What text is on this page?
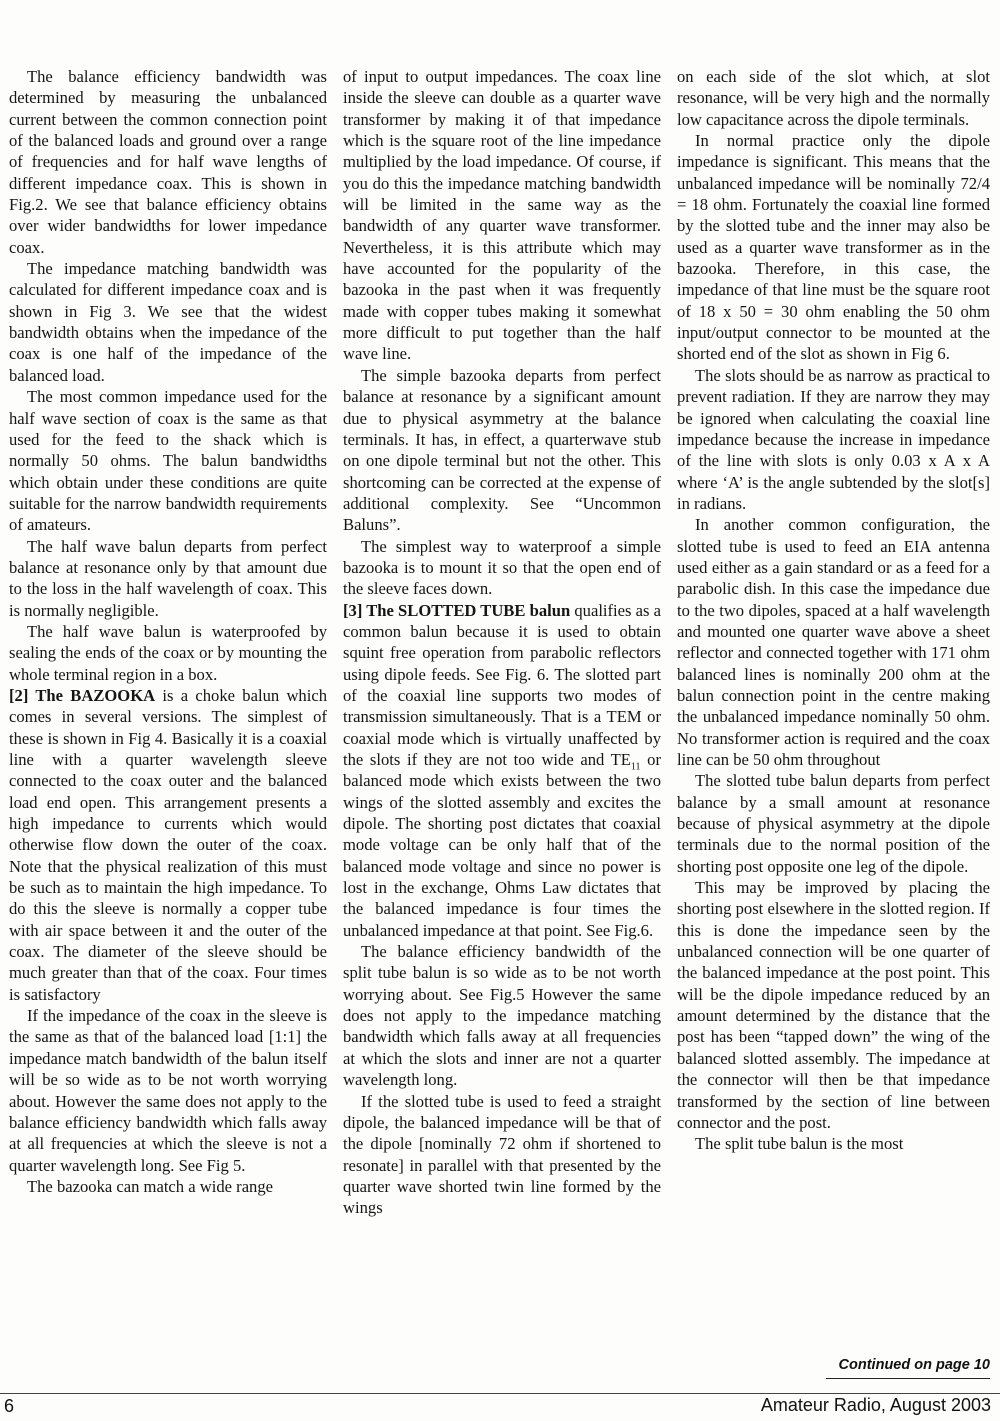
The balance efficiency bandwidth was determined by measuring the unbalanced current between the common connection point of the balanced loads and ground over a range of frequencies and for half wave lengths of different impedance coax. This is shown in Fig.2. We see that balance efficiency obtains over wider bandwidths for lower impedance coax.

The impedance matching bandwidth was calculated for different impedance coax and is shown in Fig 3. We see that the widest bandwidth obtains when the impedance of the coax is one half of the impedance of the balanced load.

The most common impedance used for the half wave section of coax is the same as that used for the feed to the shack which is normally 50 ohms. The balun bandwidths which obtain under these conditions are quite suitable for the narrow bandwidth requirements of amateurs.

The half wave balun departs from perfect balance at resonance only by that amount due to the loss in the half wavelength of coax. This is normally negligible.

The half wave balun is waterproofed by sealing the ends of the coax or by mounting the whole terminal region in a box.

[2] The BAZOOKA is a choke balun which comes in several versions. The simplest of these is shown in Fig 4. Basically it is a coaxial line with a quarter wavelength sleeve connected to the coax outer and the balanced load end open. This arrangement presents a high impedance to currents which would otherwise flow down the outer of the coax. Note that the physical realization of this must be such as to maintain the high impedance. To do this the sleeve is normally a copper tube with air space between it and the outer of the coax. The diameter of the sleeve should be much greater than that of the coax. Four times is satisfactory

If the impedance of the coax in the sleeve is the same as that of the balanced load [1:1] the impedance match bandwidth of the balun itself will be so wide as to be not worth worrying about. However the same does not apply to the balance efficiency bandwidth which falls away at all frequencies at which the sleeve is not a quarter wavelength long. See Fig 5.

The bazooka can match a wide range

of input to output impedances. The coax line inside the sleeve can double as a quarter wave transformer by making it of that impedance which is the square root of the line impedance multiplied by the load impedance. Of course, if you do this the impedance matching bandwidth will be limited in the same way as the bandwidth of any quarter wave transformer. Nevertheless, it is this attribute which may have accounted for the popularity of the bazooka in the past when it was frequently made with copper tubes making it somewhat more difficult to put together than the half wave line.

The simple bazooka departs from perfect balance at resonance by a significant amount due to physical asymmetry at the balance terminals. It has, in effect, a quarterwave stub on one dipole terminal but not the other. This shortcoming can be corrected at the expense of additional complexity. See “Uncommon Baluns”.

The simplest way to waterproof a simple bazooka is to mount it so that the open end of the sleeve faces down.

[3] The SLOTTED TUBE balun qualifies as a common balun because it is used to obtain squint free operation from parabolic reflectors using dipole feeds. See Fig. 6. The slotted part of the coaxial line supports two modes of transmission simultaneously. That is a TEM or coaxial mode which is virtually unaffected by the slots if they are not too wide and $TE_{11}$ or balanced mode which exists between the two wings of the slotted assembly and excites the dipole. The shorting post dictates that coaxial mode voltage can be only half that of the balanced mode voltage and since no power is lost in the exchange, Ohms Law dictates that the balanced impedance is four times the unbalanced impedance at that point. See Fig.6.

The balance efficiency bandwidth of the split tube balun is so wide as to be not worth worrying about. See Fig.5 However the same does not apply to the impedance matching bandwidth which falls away at all frequencies at which the slots and inner are not a quarter wavelength long.

If the slotted tube is used to feed a straight dipole, the balanced impedance will be that of the dipole [nominally 72 ohm if shortened to resonate] in parallel with that presented by the quarter wave shorted twin line formed by the wings

on each side of the slot which, at slot resonance, will be very high and the normally low capacitance across the dipole terminals.

In normal practice only the dipole impedance is significant. This means that the unbalanced impedance will be nominally 72/4 = 18 ohm. Fortunately the coaxial line formed by the slotted tube and the inner may also be used as a quarter wave transformer as in the bazooka. Therefore, in this case, the impedance of that line must be the square root of 18 x 50 = 30 ohm enabling the 50 ohm input/output connector to be mounted at the shorted end of the slot as shown in Fig 6.

The slots should be as narrow as practical to prevent radiation. If they are narrow they may be ignored when calculating the coaxial line impedance because the increase in impedance of the line with slots is only 0.03 x A x A where ‘A’ is the angle subtended by the slot[s] in radians.

In another common configuration, the slotted tube is used to feed an EIA antenna used either as a gain standard or as a feed for a parabolic dish. In this case the impedance due to the two dipoles, spaced at a half wavelength and mounted one quarter wave above a sheet reflector and connected together with 171 ohm balanced lines is nominally 200 ohm at the balun connection point in the centre making the unbalanced impedance nominally 50 ohm. No transformer action is required and the coax line can be 50 ohm throughout

The slotted tube balun departs from perfect balance by a small amount at resonance because of physical asymmetry at the dipole terminals due to the normal position of the shorting post opposite one leg of the dipole.

This may be improved by placing the shorting post elsewhere in the slotted region. If this is done the impedance seen by the unbalanced connection will be one quarter of the balanced impedance at the post point. This will be the dipole impedance reduced by an amount determined by the distance that the post has been “tapped down” the wing of the balanced slotted assembly. The impedance at the connector will then be that impedance transformed by the section of line between connector and the post.

The split tube balun is the most

Continued on page 10
6	Amateur Radio, August 2003
